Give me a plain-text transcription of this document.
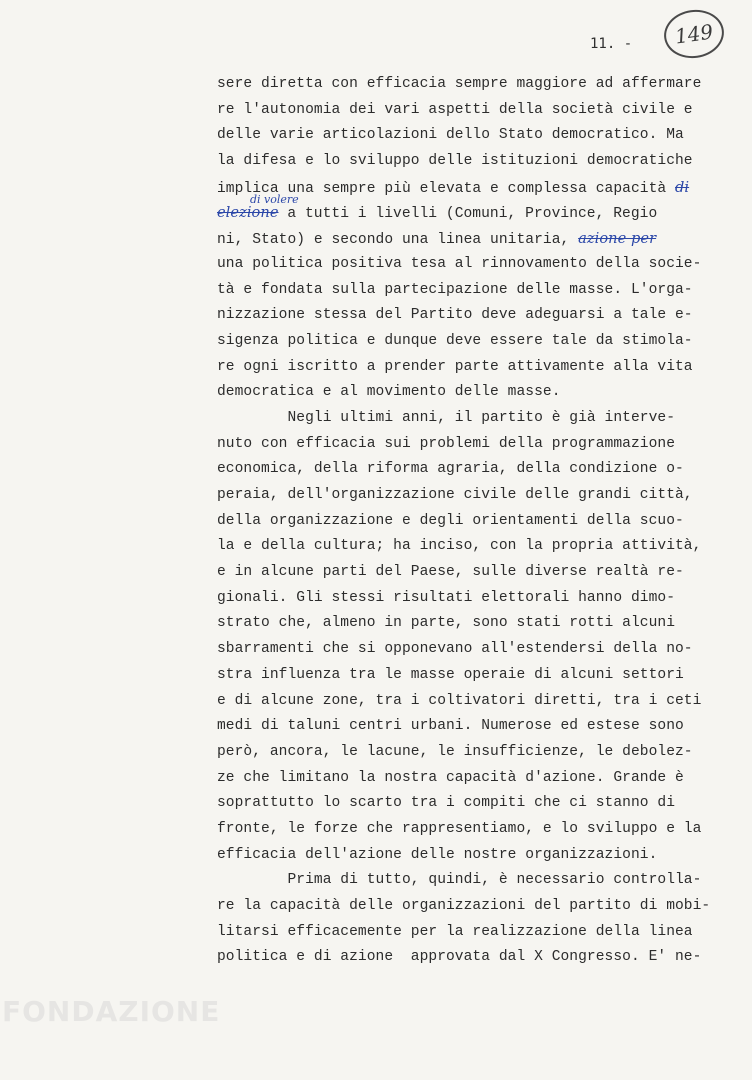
11. -	149
di volere
sere diretta con efficacia sempre maggiore ad affermare
re l'autonomia dei vari aspetti della società civile e
delle varie articolazioni dello Stato democratico. Ma
la difesa e lo sviluppo delle istituzioni democratiche
implica una sempre più elevata e complessa capacità di
elezione a tutti i livelli (Comuni, Province, Regio
ni, Stato) e secondo una linea unitaria, azione per
una politica positiva tesa al rinnovamento della socie-
tà e fondata sulla partecipazione delle masse. L'orga-
nizzazione stessa del Partito deve adeguarsi a tale e-
sigenza politica e dunque deve essere tale da stimola-
re ogni iscritto a prender parte attivamente alla vita
democratica e al movimento delle masse.
Negli ultimi anni, il partito è già interve-
nuto con efficacia sui problemi della programmazione
economica, della riforma agraria, della condizione o-
peraia, dell'organizzazione civile delle grandi città,
della organizzazione e degli orientamenti della scuo-
la e della cultura; ha inciso, con la propria attività,
e in alcune parti del Paese, sulle diverse realtà re-
gionali. Gli stessi risultati elettorali hanno dimo-
strato che, almeno in parte, sono stati rotti alcuni
sbarramenti che si opponevano all'estendersi della no-
stra influenza tra le masse operaie di alcuni settori
e di alcune zone, tra i coltivatori diretti, tra i ceti
medi di taluni centri urbani. Numerose ed estese sono
però, ancora, le lacune, le insufficienze, le debolez-
ze che limitano la nostra capacità d'azione. Grande è
soprattutto lo scarto tra i compiti che ci stanno di
fronte, le forze che rappresentiamo, e lo sviluppo e la
efficacia dell'azione delle nostre organizzazioni.
Prima di tutto, quindi, è necessario controlla-
re la capacità delle organizzazioni del partito di mobi-
litarsi efficacemente per la realizzazione della linea
politica e di azione  approvata dal X Congresso. E' ne-
FONDAZIONE
